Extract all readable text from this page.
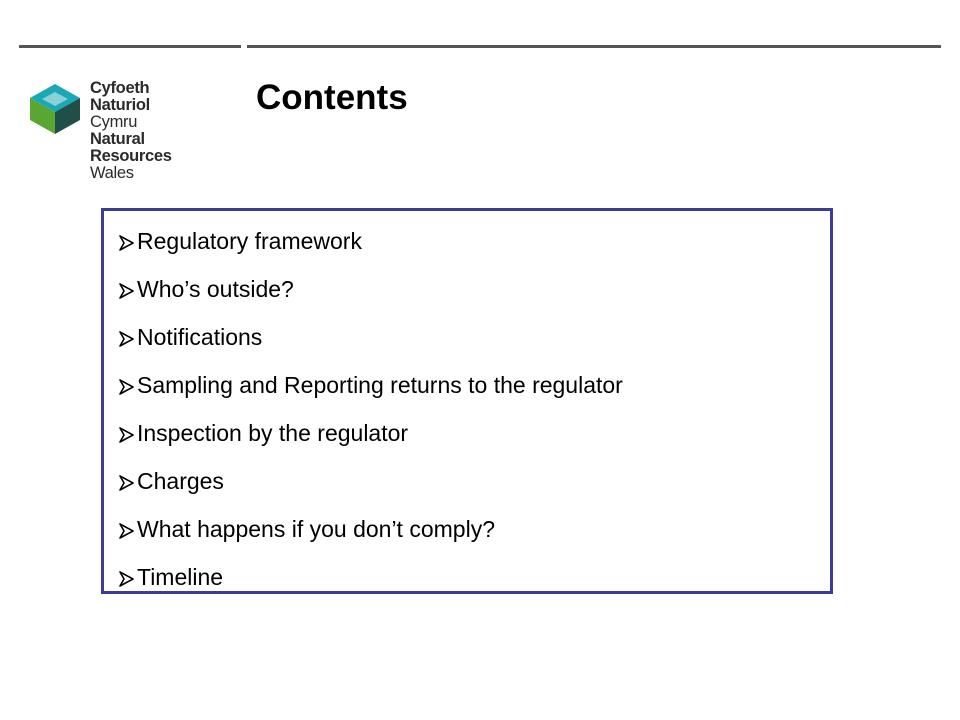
Cyfoeth
Naturiol
Cymru
Natural
Resources
Wales
Contents
Regulatory framework
Who’s outside?
Notifications
Sampling and Reporting returns to the regulator
Inspection by the regulator
Charges
What happens if you don’t comply?
Timeline
